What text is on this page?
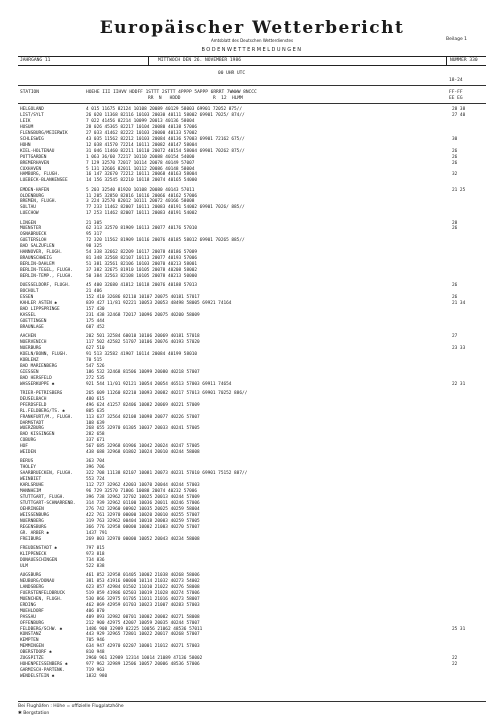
Europäischer Wetterbericht
Amtsblatt des Deutschen Wetterdienstes	Beilage 1
BODENWETTERMELDUNGEN
JAHRGANG 11	MITTWOCH DEN 26. NOVEMBER 1986	NUMMER 330
00 UHR UTC
18-24
STATION	HOEHE III IIHVV HDDFF 1STTT 2STTT 4PPPP 5APPP 6RRRT 7WWWW 8NCCC
RR  N   HDDD            R  12  HLMM
FF-FF
EE EG
HELGOLAND	4 015 11675 82124 10108 20089 40129 58003 69901 72052 875//	28 38
LIST/SYLT	26 020 11368 82116 10103 20030 40111 58002 69901 7025/ 874//	27 40
LEIK	7 022 41456 82214 10099 20013 40136 58004
HUSUM	28 026 45365 82217 10104 20080 40138 57006
FLENSBURG/MEIERWIK	27 033 41462 82222 10103 20000 40133 57002
SCHLESWIG	43 035 11562 82212 10103 20084 40136 57003 69901 72162 675//	30
HOHN	12 038 41570 72214 10111 20082 40147 58004
KIEL-HOLTENAU	31 046 11460 82211 10110 20072 40154 58004 69901 70262 875//	26
PUTTGARDEN	1 063 36/60 72217 10110 20088 40154 54000	26
BREMERHAVEN	7 129 32570 72017 10114 20078 40149 57007	26
CUXHAVEN	5 131 32666 82011 10112 20086 40148 58004
HAMBURG, FLUGH.	16 147 32670 72212 10111 20068 40163 58004	32
LUEBECK-BLANKENSEE	14 156 32545 82210 10118 20074 40165 54000
EMDEN-HAFEN	5 203 32540 81920 10108 20080 40143 57011	21 25
OLDENBURG	11 205 32850 82016 10116 20066 40162 57006
BREMEN, FLUGH.	3 224 32570 82012 10111 20072 40166 58008
SOLTAU	77 233 11462 82007 10111 20083 40191 54002 69901 7026/ 885//
LUECHOW	17 253 11462 82007 10111 20083 40191 54002
LINGEN	21 305	28
MUENSTER	62 313 32570 81909 10113 20077 40176 57010	26
OSNABRUECK	95 317
GUETERSLOH	72 320 11562 81909 10116 20076 40185 58012 69901 70265 885//
BAD SALZUFLEN	98 325
HANNOVER, FLUGH.	54 338 32662 82209 10117 20078 40186 57009
BRAUNSCHWEIG	81 348 32568 82107 10113 20077 40193 57006
BERLIN-DAHLEM	51 381 32561 82106 10103 20070 40213 58001
BERLIN-TEGEL, FLUGH.	37 382 32675 81910 10105 20078 40208 58002
BERLIN-TEMP., FLUGH.	50 384 32563 82108 10105 20078 40213 50000
DUESSELDORF, FLUGH.	45 400 32680 41812 10118 20076 40188 57013	26
BOCHOLT	21 406
ESSEN	152 410 32686 82110 10107 20075 40181 57017	26
KAHLER ASTEN ✱	839 427 11/81 92221 10053 20053 48498 58005 69921 74164	21 34
BAD LIPPSPRINGE	157 430
KASSEL	231 438 32468 72017 10096 20075 40200 58009
GOETTINGEN	175 444
BRAUNLAGE	607 452
AACHEN	202 501 32584 60010 10106 20069 40181 57018	27
NOERVENICH	117 502 42582 51707 10106 20076 40193 57020
NUERBURG	627 510	23 33
KOELN/BONN, FLUGH.	91 513 32582 41907 10114 20084 40199 58010
KOBLENZ	70 515
BAD MARIENBERG	547 526
GIESSEN	186 532 32468 81506 10099 20080 40218 57007
BAD HERSFELD	272 535
WASSERKUPPE ✱	921 544 11/01 92121 10054 20054 46513 57003 69911 74654	22 31
TRIER-PETRISBERG	265 609 11260 82210 10093 20082 40217 57013 69901 70252 886//
DEUSELBACH	480 615
PFERDSFELD	496 624 41257 82406 10082 20069 40221 57009
RL.FELDBERG/TS. ✱	805 635
FRANKFURT/M., FLUGH.	113 637 32564 82108 10098 20077 40226 57007
DARMSTADT	108 639
WUERZBURG	268 655 32970 01305 10037 20033 40241 57005
BAD KISSINGEN	282 658
COBURG	337 671
HOF	567 685 32968 01906 10042 20024 40247 57005
WEIDEN	438 688 32968 01802 10024 20010 40244 58008
BERUS	363 704
THOLEY	396 706
SAARBRUECKEN, FLUGH.	322 708 11138 82107 10081 20073 40231 57010 69901 75152 887//
WEINBIET	553 724
KARLSRUHE	112 727 32962 42003 10070 20044 40244 57003
MANNHEIM	96 729 32570 71806 10088 20074 40232 57006
STUTTGART, FLUGH.	396 738 32962 32702 10025 20013 40244 57009
STUTTGART-SCHNARRENB. 314 739 32962 01100 10036 20011 40246 57006
OEHRINGEN	276 742 32960 00902 10035 20025 40259 58004
WEISSENBURG	422 761 32970 00000 10020 20010 40255 57007
NUERNBERG	319 763 32962 00404 10018 20003 40259 57005
REGENSBURG	366 776 32958 00000 10002 21003 40270 57007
GR. ARBER ✱	1437 791
FREIBURG	269 803 32970 00000 10052 20043 40234 58008
FREUDENSTADT ✱	797 815
KLIPPENECK	973 818
DONAUESCHINGEN	734 836
ULM	522 838
AUGSBURG	461 852 32958 01405 10002 21038 40268 58006
NEUBURG/DONAU	381 853 41916 00000 10114 21032 40273 54002
LANDSBERG	623 857 42984 01502 11010 21022 40276 58008
FUERSTENFELDBRUCK	519 859 41986 02503 10019 21028 40274 57006
MUENCHEN, FLUGH.	530 866 32975 01705 11011 21016 40273 58007
ERDING	462 869 42959 01703 10023 21007 40283 57003
MUEHLDORF	406 870
PASSAU	409 893 32982 00701 10002 20002 40271 58008
OFFENBURG	212 900 42975 42007 10059 20035 40244 57007
FELDBERG/SCHW. ✱	1486 908 32989 02225 10056 21062 48536 57011	25 31
KONSTANZ	443 929 32965 72801 10022 20017 40268 57007
KEMPTEN	705 946
MEMMINGEN	634 947 42970 02207 10001 21012 40271 57003
OBERSTDORF ✱	810 948
ZUGSPITZE	2960 961 32989 12314 10014 21089 47136 58002	22
HOHENPEISSENBERG ✱	977 962 32989 12506 10057 20006 48536 57006	22
GARMISCH-PARTENK.	719 963
WENDELSTEIN ✱	1832 980
Bei Flughäfen : Höhe = offizielle Flugplatzhöhe
✱ Bergstation
